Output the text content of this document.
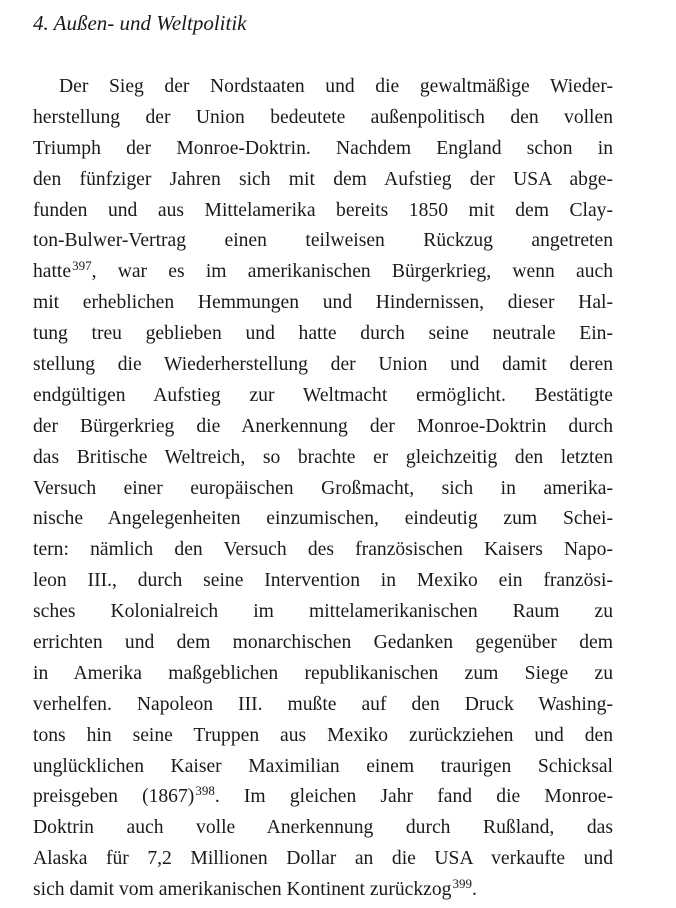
4. Außen- und Weltpolitik
Der Sieg der Nordstaaten und die gewaltmäßige Wieder-
herstellung der Union bedeutete außenpolitisch den vollen
Triumph der Monroe-Doktrin. Nachdem England schon in
den fünfziger Jahren sich mit dem Aufstieg der USA abge-
funden und aus Mittelamerika bereits 1850 mit dem Clay-
ton-Bulwer-Vertrag einen teilweisen Rückzug angetreten
hatte$^{397}$, war es im amerikanischen Bürgerkrieg, wenn auch
mit erheblichen Hemmungen und Hindernissen, dieser Hal-
tung treu geblieben und hatte durch seine neutrale Ein-
stellung die Wiederherstellung der Union und damit deren
endgültigen Aufstieg zur Weltmacht ermöglicht. Bestätigte
der Bürgerkrieg die Anerkennung der Monroe-Doktrin durch
das Britische Weltreich, so brachte er gleichzeitig den letzten
Versuch einer europäischen Großmacht, sich in amerika-
nische Angelegenheiten einzumischen, eindeutig zum Schei-
tern: nämlich den Versuch des französischen Kaisers Napo-
leon III., durch seine Intervention in Mexiko ein französi-
sches Kolonialreich im mittelamerikanischen Raum zu
errichten und dem monarchischen Gedanken gegenüber dem
in Amerika maßgeblichen republikanischen zum Siege zu
verhelfen. Napoleon III. mußte auf den Druck Washing-
tons hin seine Truppen aus Mexiko zurückziehen und den
unglücklichen Kaiser Maximilian einem traurigen Schicksal
preisgeben (1867)$^{398}$. Im gleichen Jahr fand die Monroe-
Doktrin auch volle Anerkennung durch Rußland, das
Alaska für 7,2 Millionen Dollar an die USA verkaufte und
sich damit vom amerikanischen Kontinent zurückzog$^{399}$.
